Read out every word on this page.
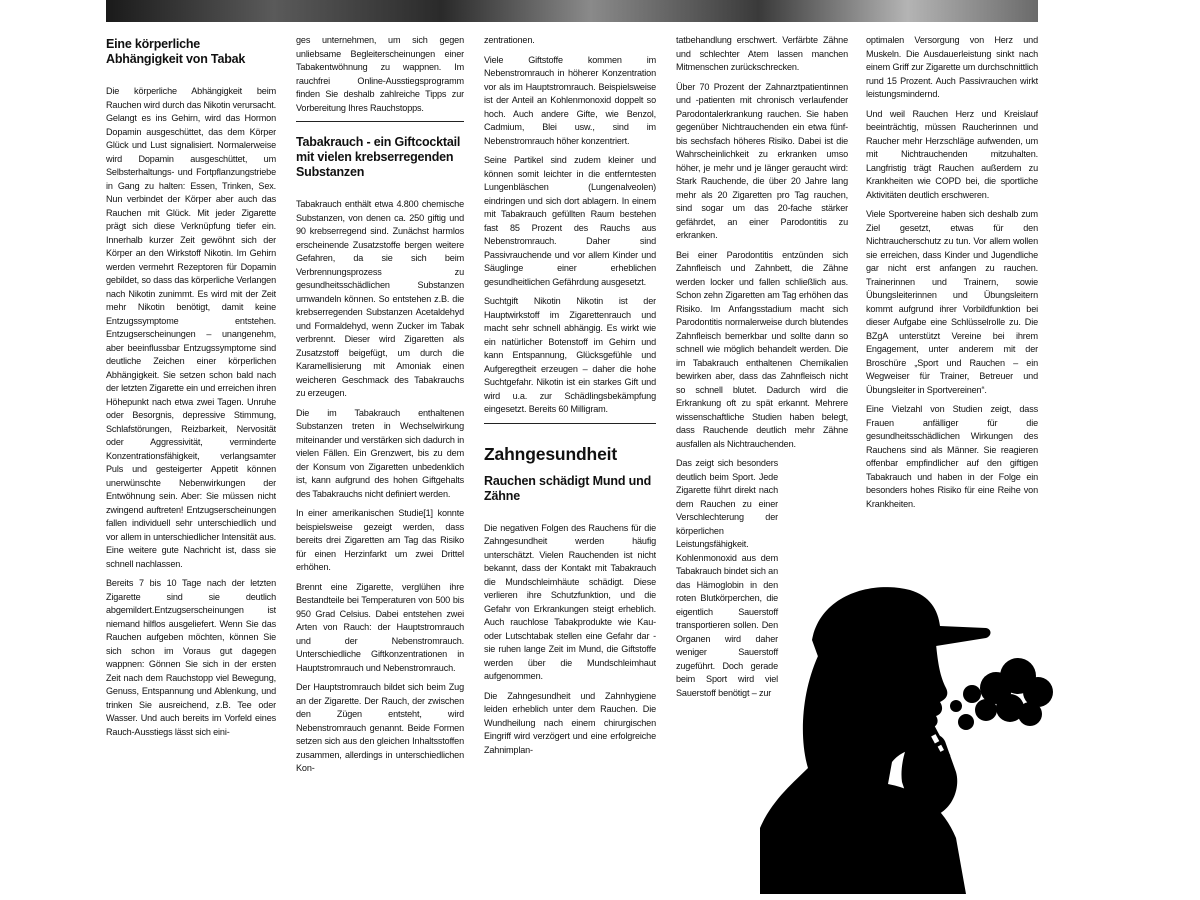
Eine körperliche Abhängigkeit von Tabak

Die körperliche Abhängigkeit beim Rauchen wird durch das Nikotin verursacht. Gelangt es ins Gehirn, wird das Hormon Dopamin ausgeschüttet, das dem Körper Glück und Lust signalisiert. Normalerweise wird Dopamin ausgeschüttet, um Selbsterhaltungs- und Fortpflanzungstriebe in Gang zu halten: Essen, Trinken, Sex. Nun verbindet der Körper aber auch das Rauchen mit Glück. Mit jeder Zigarette prägt sich diese Verknüpfung tiefer ein. Innerhalb kurzer Zeit gewöhnt sich der Körper an den Wirkstoff Nikotin. Im Gehirn werden vermehrt Rezeptoren für Dopamin gebildet, so dass das körperliche Verlangen nach Nikotin zunimmt. Es wird mit der Zeit mehr Nikotin benötigt, damit keine Entzugssymptome entstehen. Entzugserscheinungen – unangenehm, aber beeinflussbar Entzugssymptome sind deutliche Zeichen einer körperlichen Abhängigkeit. Sie setzen schon bald nach der letzten Zigarette ein und erreichen ihren Höhepunkt nach etwa zwei Tagen. Unruhe oder Besorgnis, depressive Stimmung, Schlafstörungen, Reizbarkeit, Nervosität oder Aggressivität, verminderte Konzentrationsfähigkeit, verlangsamter Puls und gesteigerter Appetit können unerwünschte Nebenwirkungen der Entwöhnung sein. Aber: Sie müssen nicht zwingend auftreten! Entzugserscheinungen fallen individuell sehr unterschiedlich und vor allem in unterschiedlicher Intensität aus. Eine weitere gute Nachricht ist, dass sie schnell nachlassen.

Bereits 7 bis 10 Tage nach der letzten Zigarette sind sie deutlich abgemildert.Entzugserscheinungen ist niemand hilflos ausgeliefert. Wenn Sie das Rauchen aufgeben möchten, können Sie sich schon im Voraus gut dagegen wappnen: Gönnen Sie sich in der ersten Zeit nach dem Rauchstopp viel Bewegung, Genuss, Entspannung und Ablenkung, und trinken Sie ausreichend, z.B. Tee oder Wasser. Und auch bereits im Vorfeld eines Rauch-Ausstiegs lässt sich eini-

ges unternehmen, um sich gegen unliebsame Begleiterscheinungen einer Tabakentwöhnung zu wappnen. Im rauchfrei Online-Ausstiegsprogramm finden Sie deshalb zahlreiche Tipps zur Vorbereitung Ihres Rauchstopps.

Tabakrauch - ein Giftcocktail mit vielen krebserregenden Substanzen

Tabakrauch enthält etwa 4.800 chemische Substanzen, von denen ca. 250 giftig und 90 krebserregend sind. Zunächst harmlos erscheinende Zusatzstoffe bergen weitere Gefahren, da sie sich beim Verbrennungsprozess zu gesundheitsschädlichen Substanzen umwandeln können. So entstehen z.B. die krebserregenden Substanzen Acetaldehyd und Formaldehyd, wenn Zucker im Tabak verbrennt. Dieser wird Zigaretten als Zusatzstoff beigefügt, um durch die Karamellisierung mit Amoniak einen weicheren Geschmack des Tabakrauchs zu erzeugen.

Die im Tabakrauch enthaltenen Substanzen treten in Wechselwirkung miteinander und verstärken sich dadurch in vielen Fällen. Ein Grenzwert, bis zu dem der Konsum von Zigaretten unbedenklich ist, kann aufgrund des hohen Giftgehalts des Tabakrauchs nicht definiert werden.

In einer amerikanischen Studie[1] konnte beispielsweise gezeigt werden, dass bereits drei Zigaretten am Tag das Risiko für einen Herzinfarkt um zwei Drittel erhöhen.

Brennt eine Zigarette, verglühen ihre Bestandteile bei Temperaturen von 500 bis 950 Grad Celsius. Dabei entstehen zwei Arten von Rauch: der Hauptstromrauch und der Nebenstromrauch. Unterschiedliche Giftkonzentrationen in Hauptstromrauch und Nebenstromrauch.

Der Hauptstromrauch bildet sich beim Zug an der Zigarette. Der Rauch, der zwischen den Zügen entsteht, wird Nebenstromrauch genannt. Beide Formen setzen sich aus den gleichen Inhaltsstoffen zusammen, allerdings in unterschiedlichen Kon-

zentrationen.

Viele Giftstoffe kommen im Nebenstromrauch in höherer Konzentration vor als im Hauptstromrauch. Beispielsweise ist der Anteil an Kohlenmonoxid doppelt so hoch. Auch andere Gifte, wie Benzol, Cadmium, Blei usw., sind im Nebenstromrauch höher konzentriert.

Seine Partikel sind zudem kleiner und können somit leichter in die entferntesten Lungenbläschen (Lungenalveolen) eindringen und sich dort ablagern. In einem mit Tabakrauch gefüllten Raum bestehen fast 85 Prozent des Rauchs aus Nebenstromrauch. Daher sind Passivrauchende und vor allem Kinder und Säuglinge einer erheblichen gesundheitlichen Gefährdung ausgesetzt.

Suchtgift Nikotin Nikotin ist der Hauptwirkstoff im Zigarettenrauch und macht sehr schnell abhängig. Es wirkt wie ein natürlicher Botenstoff im Gehirn und kann Entspannung, Glücksgefühle und Aufgeregtheit erzeugen – daher die hohe Suchtgefahr. Nikotin ist ein starkes Gift und wird u.a. zur Schädlingsbekämpfung eingesetzt. Bereits 60 Milligram.

Zahngesundheit
Rauchen schädigt Mund und Zähne

Die negativen Folgen des Rauchens für die Zahngesundheit werden häufig unterschätzt. Vielen Rauchenden ist nicht bekannt, dass der Kontakt mit Tabakrauch die Mundschleimhäute schädigt. Diese verlieren ihre Schutzfunktion, und die Gefahr von Erkrankungen steigt erheblich. Auch rauchlose Tabakprodukte wie Kau- oder Lutschtabak stellen eine Gefahr dar - sie ruhen lange Zeit im Mund, die Giftstoffe werden über die Mundschleimhaut aufgenommen.

Die Zahngesundheit und Zahnhygiene leiden erheblich unter dem Rauchen. Die Wundheilung nach einem chirurgischen Eingriff wird verzögert und eine erfolgreiche Zahnimplan-

tatbehandlung erschwert. Verfärbte Zähne und schlechter Atem lassen manchen Mitmenschen zurückschrecken.

Über 70 Prozent der Zahnarztpatientinnen und -patienten mit chronisch verlaufender Parodontalerkrankung rauchen. Sie haben gegenüber Nichtrauchenden ein etwa fünf- bis sechsfach höheres Risiko. Dabei ist die Wahrscheinlichkeit zu erkranken umso höher, je mehr und je länger geraucht wird: Stark Rauchende, die über 20 Jahre lang mehr als 20 Zigaretten pro Tag rauchen, sind sogar um das 20-fache stärker gefährdet, an einer Parodontitis zu erkranken.

Bei einer Parodontitis entzünden sich Zahnfleisch und Zahnbett, die Zähne werden locker und fallen schließlich aus. Schon zehn Zigaretten am Tag erhöhen das Risiko. Im Anfangsstadium macht sich Parodontitis normalerweise durch blutendes Zahnfleisch bemerkbar und sollte dann so schnell wie möglich behandelt werden. Die im Tabakrauch enthaltenen Chemikalien bewirken aber, dass das Zahnfleisch nicht so schnell blutet. Dadurch wird die Erkrankung oft zu spät erkannt. Mehrere wissenschaftliche Studien haben belegt, dass Rauchende deutlich mehr Zähne ausfallen als Nichtrauchenden.

Das zeigt sich besonders deutlich beim Sport. Jede Zigarette führt direkt nach dem Rauchen zu einer Verschlechterung der körperlichen Leistungsfähigkeit. Kohlenmonoxid aus dem Tabakrauch bindet sich an das Hämoglobin in den roten Blutkörperchen, die eigentlich Sauerstoff transportieren sollen. Den Organen wird daher weniger Sauerstoff zugeführt. Doch gerade beim Sport wird viel Sauerstoff benötigt – zur

optimalen Versorgung von Herz und Muskeln. Die Ausdauerleistung sinkt nach einem Griff zur Zigarette um durchschnittlich rund 15 Prozent. Auch Passivrauchen wirkt leistungsmindernd.

Und weil Rauchen Herz und Kreislauf beeinträchtig, müssen Raucherinnen und Raucher mehr Herzschläge aufwenden, um mit Nichtrauchenden mitzuhalten. Langfristig trägt Rauchen außerdem zu Krankheiten wie COPD bei, die sportliche Aktivitäten deutlich erschweren.

Viele Sportvereine haben sich deshalb zum Ziel gesetzt, etwas für den Nichtraucherschutz zu tun. Vor allem wollen sie erreichen, dass Kinder und Jugendliche gar nicht erst anfangen zu rauchen. Trainerinnen und Trainern, sowie Übungsleiterinnen und Übungsleitern kommt aufgrund ihrer Vorbildfunktion bei dieser Aufgabe eine Schlüsselrolle zu. Die BZgA unterstützt Vereine bei ihrem Engagement, unter anderem mit der Broschüre „Sport und Rauchen – ein Wegweiser für Trainer, Betreuer und Übungsleiter in Sportvereinen“.

Eine Vielzahl von Studien zeigt, dass Frauen anfälliger für die gesundheitsschädlichen Wirkungen des Rauchens sind als Männer. Sie reagieren offenbar empfindlicher auf den giftigen Tabakrauch und haben in der Folge ein besonders hohes Risiko für eine Reihe von Krankheiten.
